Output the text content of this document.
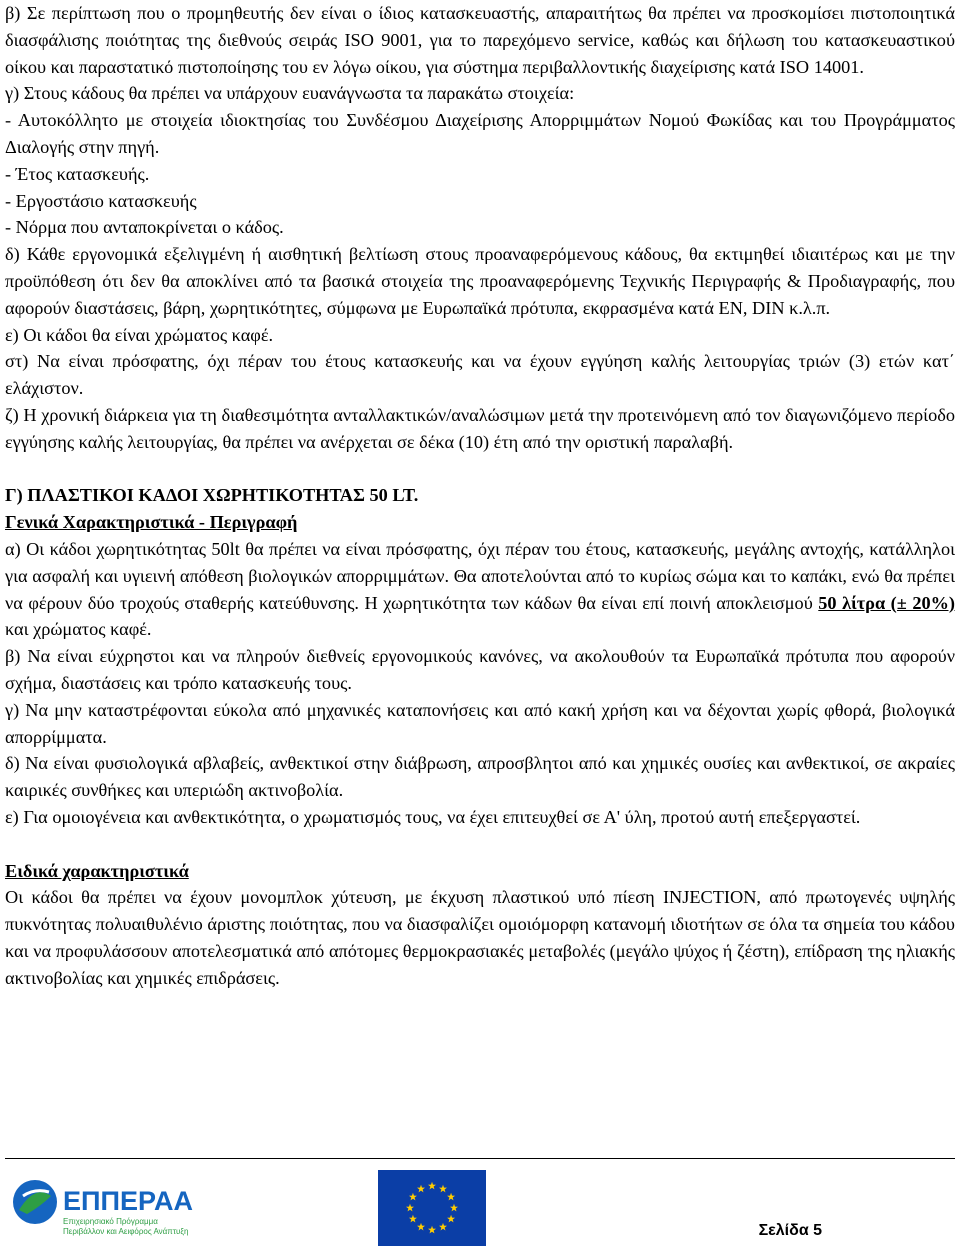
β) Σε περίπτωση που ο προμηθευτής δεν είναι ο ίδιος κατασκευαστής, απαραιτήτως θα πρέπει να προσκομίσει πιστοποιητικά διασφάλισης ποιότητας της διεθνούς σειράς ISO 9001, για το παρεχόμενο service, καθώς και δήλωση του κατασκευαστικού οίκου και παραστατικό πιστοποίησης του εν λόγω οίκου, για σύστημα περιβαλλοντικής διαχείρισης κατά ISO 14001.

γ) Στους κάδους θα πρέπει να υπάρχουν ευανάγνωστα τα παρακάτω στοιχεία:

- Αυτοκόλλητο με στοιχεία ιδιοκτησίας του Συνδέσμου Διαχείρισης Απορριμμάτων Νομού Φωκίδας και του Προγράμματος Διαλογής στην πηγή.

- Έτος κατασκευής.

- Εργοστάσιο κατασκευής

- Νόρμα που ανταποκρίνεται ο κάδος.

δ) Κάθε εργονομικά εξελιγμένη ή αισθητική βελτίωση στους προαναφερόμενους κάδους, θα εκτιμηθεί ιδιαιτέρως και με την προϋπόθεση ότι δεν θα αποκλίνει από τα βασικά στοιχεία της προαναφερόμενης Τεχνικής Περιγραφής & Προδιαγραφής, που αφορούν διαστάσεις, βάρη, χωρητικότητες, σύμφωνα με Ευρωπαϊκά πρότυπα, εκφρασμένα κατά EN, DIN κ.λ.π.

ε) Οι κάδοι θα είναι χρώματος καφέ.

στ) Να είναι πρόσφατης, όχι πέραν του έτους κατασκευής και να έχουν εγγύηση καλής λειτουργίας τριών (3) ετών κατ΄ ελάχιστον.

ζ) Η χρονική διάρκεια για τη διαθεσιμότητα ανταλλακτικών/αναλώσιμων μετά την προτεινόμενη από τον διαγωνιζόμενο περίοδο εγγύησης καλής λειτουργίας, θα πρέπει να ανέρχεται σε δέκα (10) έτη από την οριστική παραλαβή.

Γ) ΠΛΑΣΤΙΚΟΙ ΚΑΔΟΙ ΧΩΡΗΤΙΚΟΤΗΤΑΣ 50 LT.

Γενικά Χαρακτηριστικά - Περιγραφή

α) Οι κάδοι χωρητικότητας 50lt θα πρέπει να είναι πρόσφατης, όχι πέραν του έτους, κατασκευής, μεγάλης αντοχής, κατάλληλοι για ασφαλή και υγιεινή απόθεση βιολογικών απορριμμάτων. Θα αποτελούνται από το κυρίως σώμα και το καπάκι, ενώ θα πρέπει να φέρουν δύο τροχούς σταθερής κατεύθυνσης. Η χωρητικότητα των κάδων θα είναι επί ποινή αποκλεισμού 50 λίτρα (± 20%) και χρώματος καφέ.

β) Να είναι εύχρηστοι και να πληρούν διεθνείς εργονομικούς κανόνες, να ακολουθούν τα Ευρωπαϊκά πρότυπα που αφορούν σχήμα, διαστάσεις και τρόπο κατασκευής τους.

γ) Να μην καταστρέφονται εύκολα από μηχανικές καταπονήσεις και από κακή χρήση και να δέχονται χωρίς φθορά, βιολογικά απορρίμματα.

δ) Να είναι φυσιολογικά αβλαβείς, ανθεκτικοί στην διάβρωση, απροσβλητοι από και χημικές ουσίες και ανθεκτικοί, σε ακραίες καιρικές συνθήκες και υπεριώδη ακτινοβολία.

ε) Για ομοιογένεια και ανθεκτικότητα, ο χρωματισμός τους, να έχει επιτευχθεί σε Α' ύλη, προτού αυτή επεξεργαστεί.

Ειδικά χαρακτηριστικά

Οι κάδοι θα πρέπει να έχουν μονομπλοκ χύτευση, με έκχυση πλαστικού υπό πίεση INJECTION, από πρωτογενές υψηλής πυκνότητας πολυαιθυλένιο άριστης ποιότητας, που να διασφαλίζει ομοιόμορφη κατανομή ιδιοτήτων σε όλα τα σημεία του κάδου και να προφυλάσσουν αποτελεσματικά από απότομες θερμοκρασιακές μεταβολές (μεγάλο ψύχος ή ζέστη), επίδραση της ηλιακής ακτινοβολίας και χημικές επιδράσεις.

ΕΠΠΕΡΑΑ
Επιχειρησιακό Πρόγραμμα
Περιβάλλον και Αειφόρος Ανάπτυξη	Σελίδα 5
